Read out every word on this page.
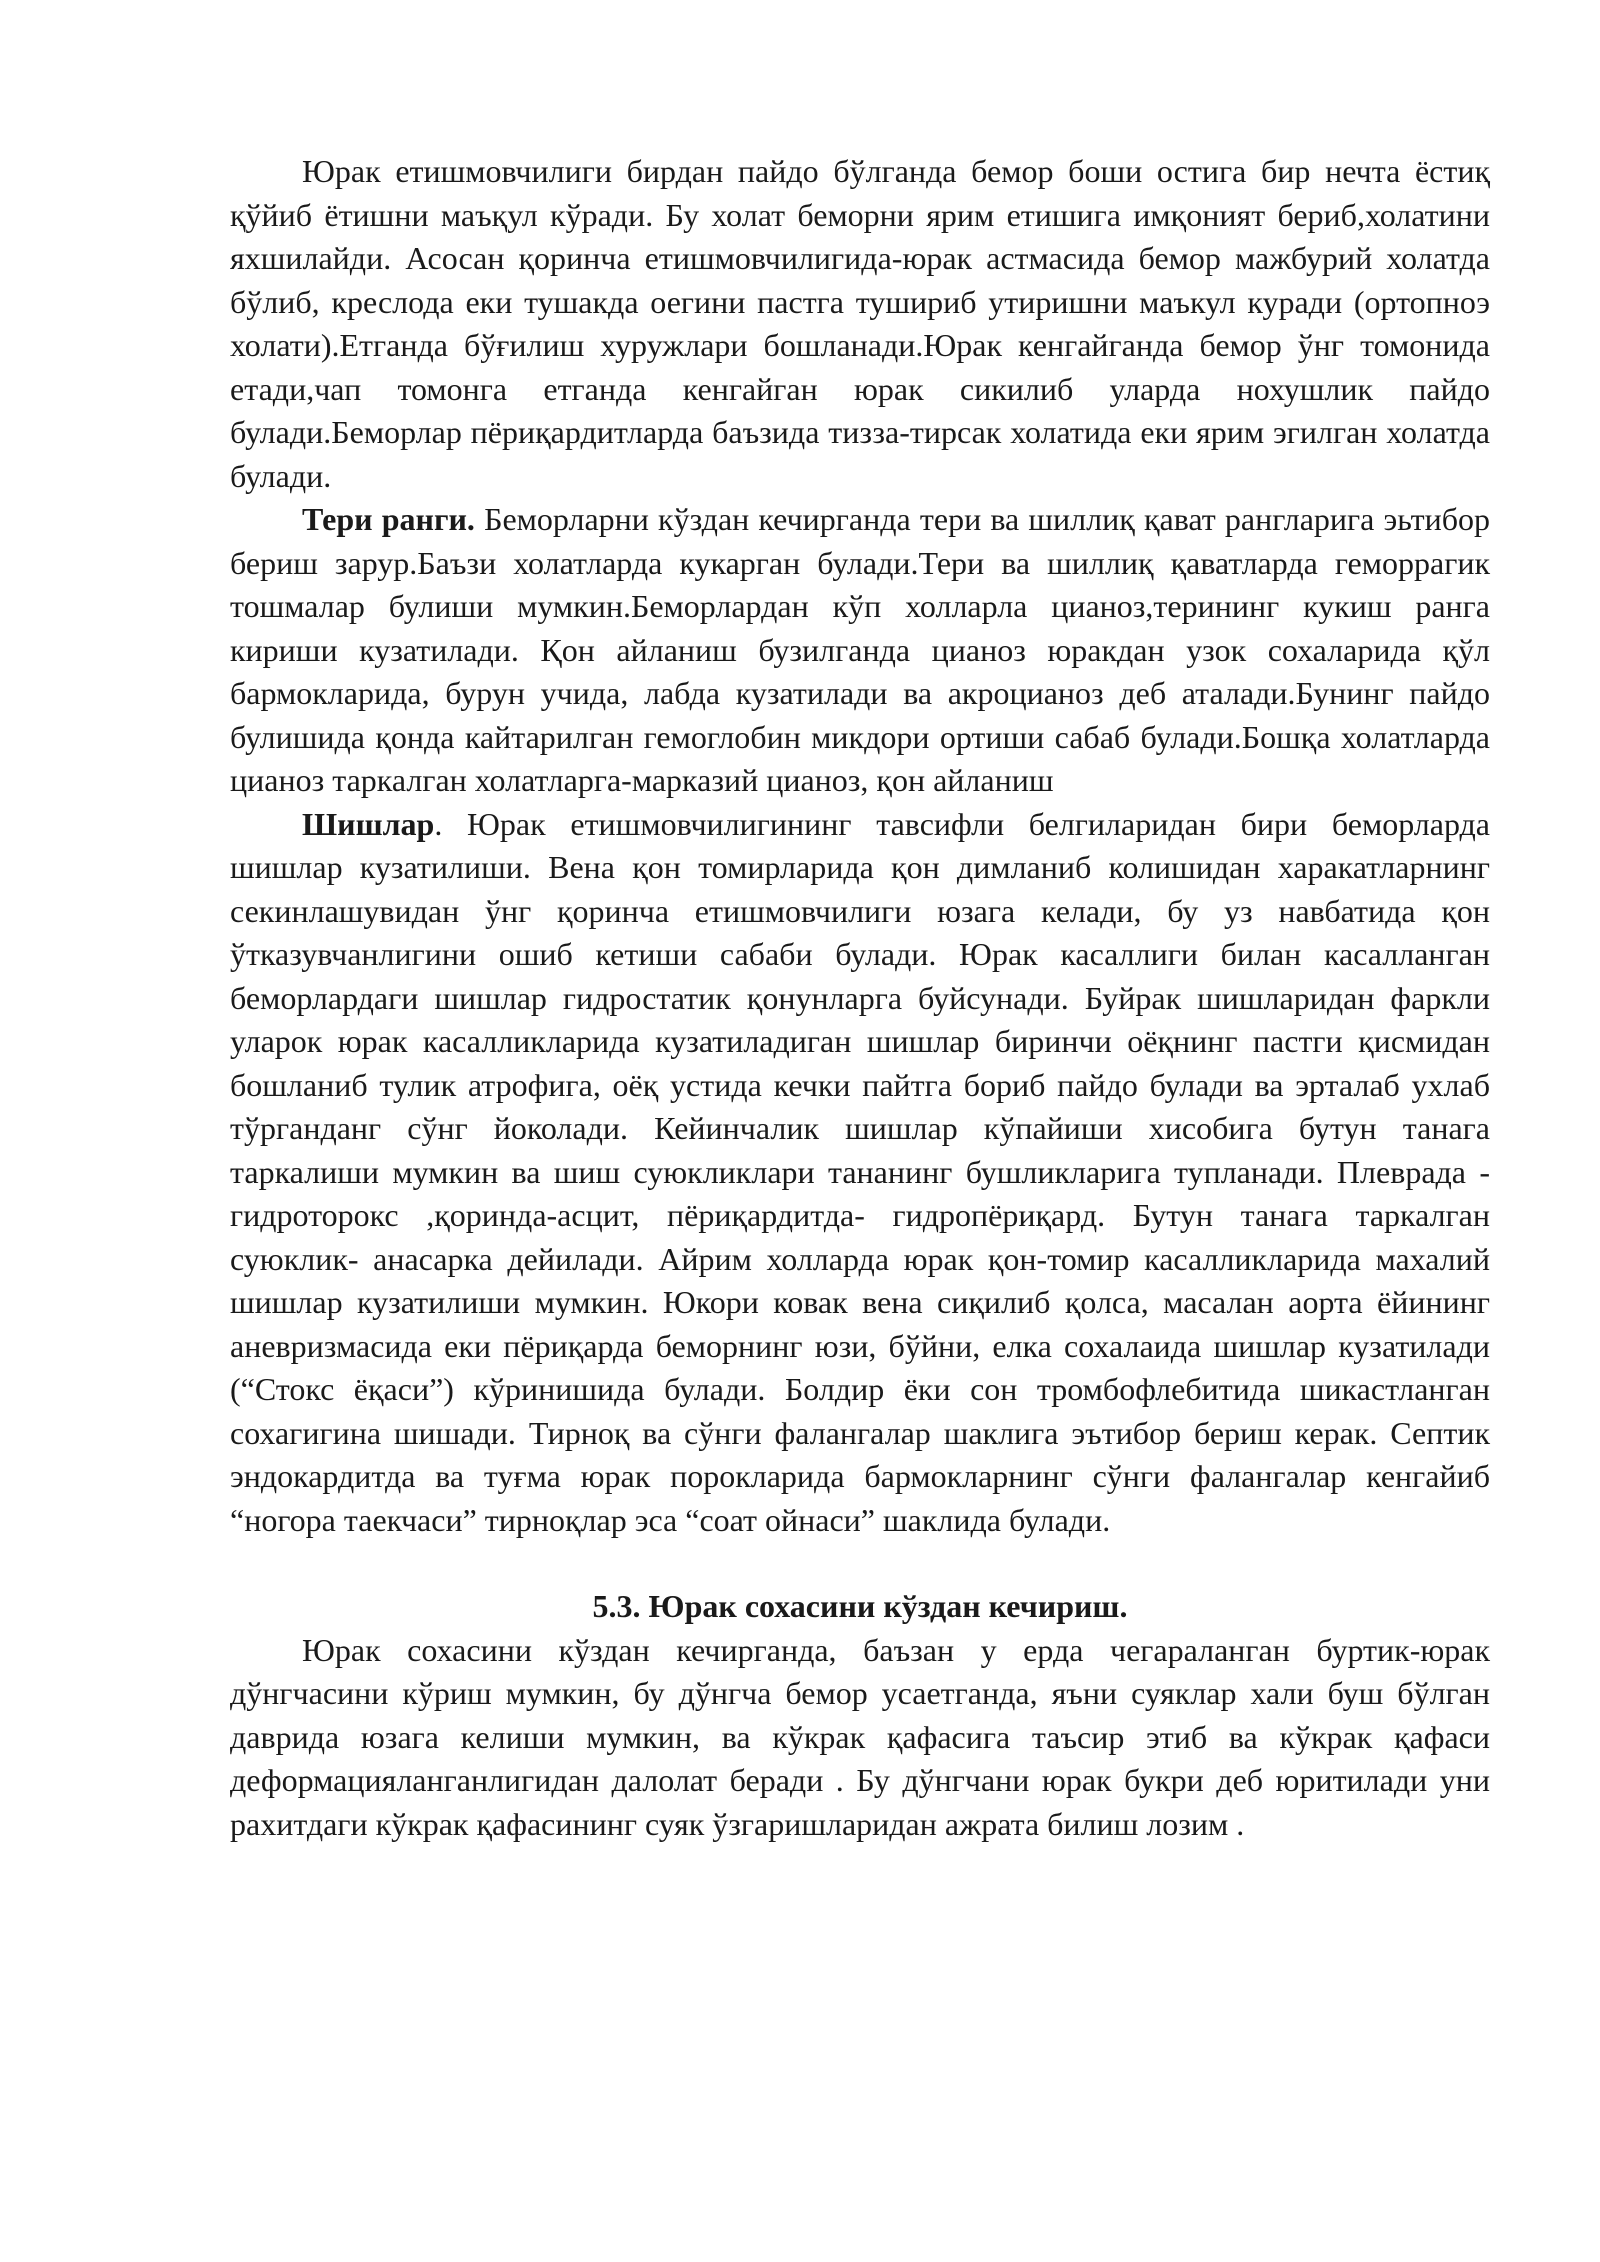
Юрак етишмовчилиги бирдан пайдо бўлганда бемор боши остига бир нечта ёстиқ қўйиб ётишни маъқул кўради. Бу холат беморни ярим етишига имқоният бериб,холатини яхшилайди. Асосан қоринча етишмовчилигида-юрак астмасида бемор мажбурий холатда бўлиб, креслода еки тушакда оегини пастга тушириб утиришни маъкул куради (ортопноэ холати).Етганда бўғилиш хуружлари бошланади.Юрак кенгайганда бемор ўнг томонида етади,чап томонга етганда кенгайган юрак сикилиб уларда нохушлик пайдо булади.Беморлар пёриқардитларда баъзида тизза-тирсак холатида еки ярим эгилган холатда булади.

Тери ранги. Беморларни кўздан кечирганда тери ва шиллиқ қават рангларига эьтибор бериш зарур.Баъзи холатларда кукарган булади.Тери ва шиллиқ қаватларда геморрагик тошмалар булиши мумкин.Беморлардан кўп холларла цианоз,терининг кукиш ранга кириши кузатилади. Қон айланиш бузилганда цианоз юракдан узок сохаларида қўл бармокларида, бурун учида, лабда кузатилади ва акроцианоз деб аталади.Бунинг пайдо булишида қонда кайтарилган гемоглобин микдори ортиши сабаб булади.Бошқа холатларда цианоз таркалган холатларга-марказий цианоз, қон айланиш

Шишлар. Юрак етишмовчилигининг тавсифли белгиларидан бири беморларда шишлар кузатилиши. Вена қон томирларида қон димланиб колишидан харакатларнинг секинлашувидан ўнг қоринча етишмовчилиги юзага келади, бу уз навбатида қон ўтказувчанлигини ошиб кетиши сабаби булади. Юрак касаллиги билан касалланган беморлардаги шишлар гидростатик қонунларга буйсунади. Буйрак шишларидан фаркли уларок юрак касалликларида кузатиладиган шишлар биринчи оёқнинг пастги қисмидан бошланиб тулик атрофига, оёқ устида кечки пайтга бориб пайдо булади ва эрталаб ухлаб тўрганданг сўнг йоколади. Кейинчалик шишлар кўпайиши хисобига бутун танага таркалиши мумкин ва шиш суюкликлари тананинг бушликларига тупланади. Плеврада - гидроторокс ,қоринда-асцит, пёриқардитда- гидропёриқард. Бутун танага таркалган суюклик- анасарка дейилади. Айрим холларда юрак қон-томир касалликларида махалий шишлар кузатилиши мумкин. Юкори ковак вена сиқилиб қолса, масалан аорта ёйининг аневризмасида еки пёриқарда беморнинг юзи, бўйни, елка сохалаида шишлар кузатилади (“Стокс ёқаси”) кўринишида булади. Болдир ёки сон тромбофлебитида шикастланган сохагигина шишади. Тирноқ ва сўнги фалангалар шаклига эътибор бериш керак. Септик эндокардитда ва туғма юрак порокларида бармокларнинг сўнги фалангалар кенгайиб “ногора таекчаси” тирноқлар эса “соат ойнаси” шаклида булади.

5.3. Юрак сохасини кўздан кечириш.

Юрак сохасини кўздан кечирганда, баъзан у ерда чегараланган буртик-юрак дўнгчасини кўриш мумкин, бу дўнгча бемор усаетганда, яъни суяклар хали буш бўлган даврида юзага келиши мумкин, ва кўкрак қафасига таъсир этиб ва кўкрак қафаси деформацияланганлигидан далолат беради . Бу дўнгчани юрак букри деб юритилади уни рахитдаги кўкрак қафасининг суяк ўзгаришларидан ажрата билиш лозим .
